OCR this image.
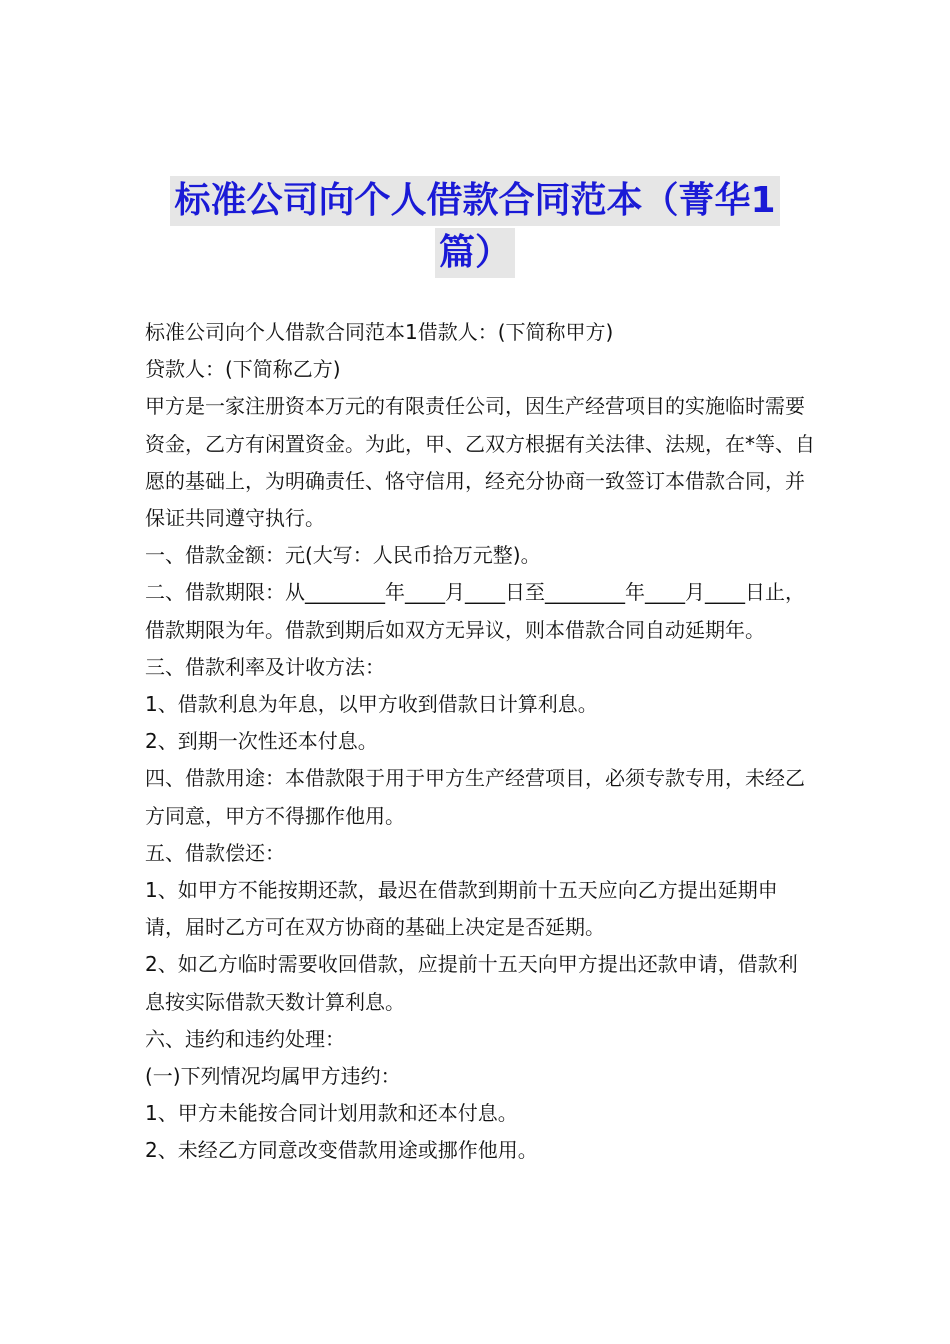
标准公司向个人借款合同范本（菁华1
篇）

标准公司向个人借款合同范本1借款人：(下简称甲方)

贷款人：(下简称乙方)

甲方是一家注册资本万元的有限责任公司，因生产经营项目的实施临时需要资金，乙方有闲置资金。为此，甲、乙双方根据有关法律、法规，在*等、自愿的基础上，为明确责任、恪守信用，经充分协商一致签订本借款合同，并保证共同遵守执行。

一、借款金额：元(大写：人民币拾万元整)。

二、借款期限：从________年____月____日至________年____月____日止，借款期限为年。借款到期后如双方无异议，则本借款合同自动延期年。

三、借款利率及计收方法：

1、借款利息为年息，以甲方收到借款日计算利息。

2、到期一次性还本付息。

四、借款用途：本借款限于用于甲方生产经营项目，必须专款专用，未经乙方同意，甲方不得挪作他用。

五、借款偿还：

1、如甲方不能按期还款，最迟在借款到期前十五天应向乙方提出延期申请，届时乙方可在双方协商的基础上决定是否延期。

2、如乙方临时需要收回借款，应提前十五天向甲方提出还款申请，借款利息按实际借款天数计算利息。

六、违约和违约处理：

(一)下列情况均属甲方违约：

1、甲方未能按合同计划用款和还本付息。

2、未经乙方同意改变借款用途或挪作他用。
